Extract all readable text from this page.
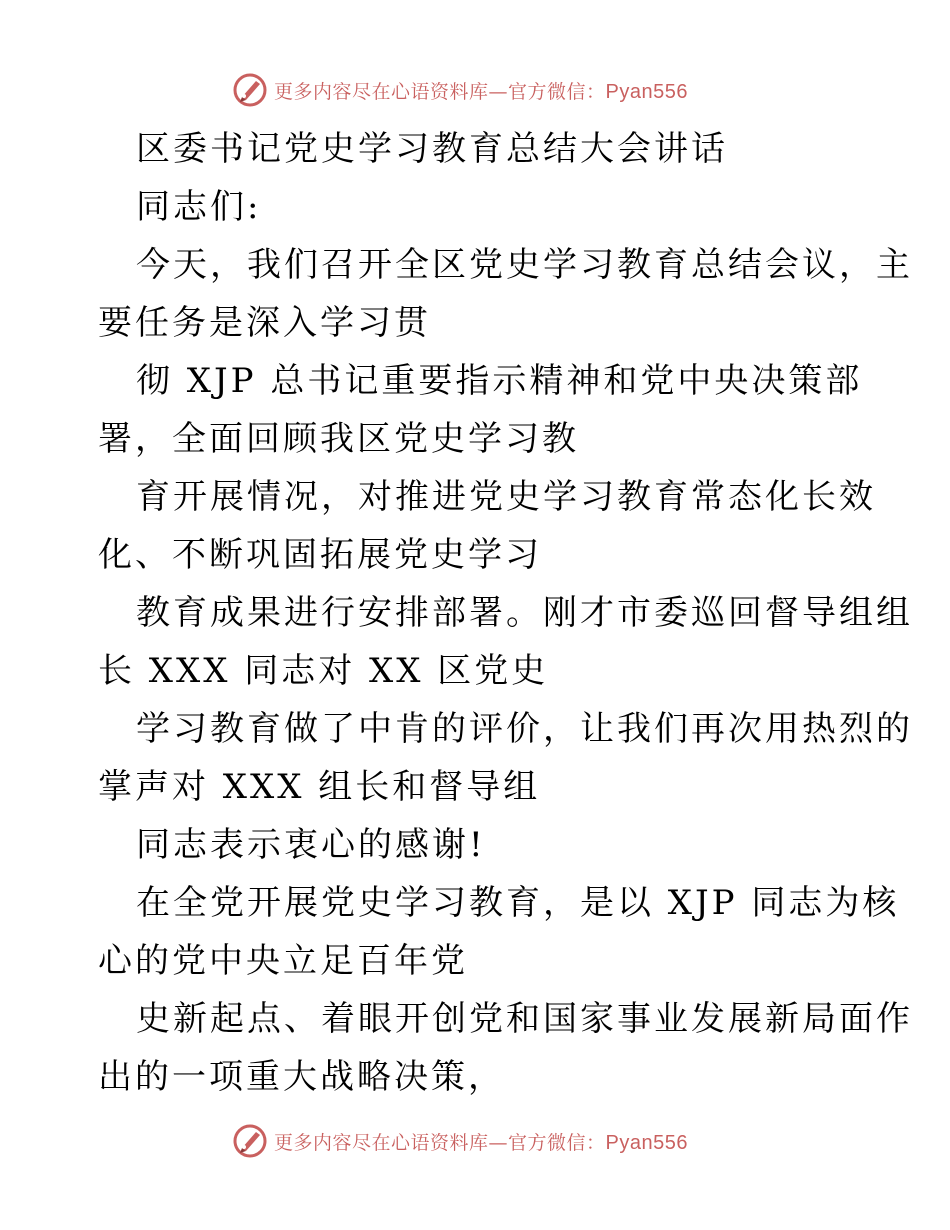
更多内容尽在心语资料库—官方微信：Pyan556
区委书记党史学习教育总结大会讲话
同志们:
今天，我们召开全区党史学习教育总结会议，主
要任务是深入学习贯
彻 XJP 总书记重要指示精神和党中央决策部
署，全面回顾我区党史学习教
育开展情况，对推进党史学习教育常态化长效
化、不断巩固拓展党史学习
教育成果进行安排部署。刚才市委巡回督导组组
长 XXX 同志对 XX 区党史
学习教育做了中肯的评价，让我们再次用热烈的
掌声对 XXX 组长和督导组
同志表示衷心的感谢!
在全党开展党史学习教育，是以 XJP 同志为核
心的党中央立足百年党
史新起点、着眼开创党和国家事业发展新局面作
出的一项重大战略决策，
更多内容尽在心语资料库—官方微信：Pyan556
